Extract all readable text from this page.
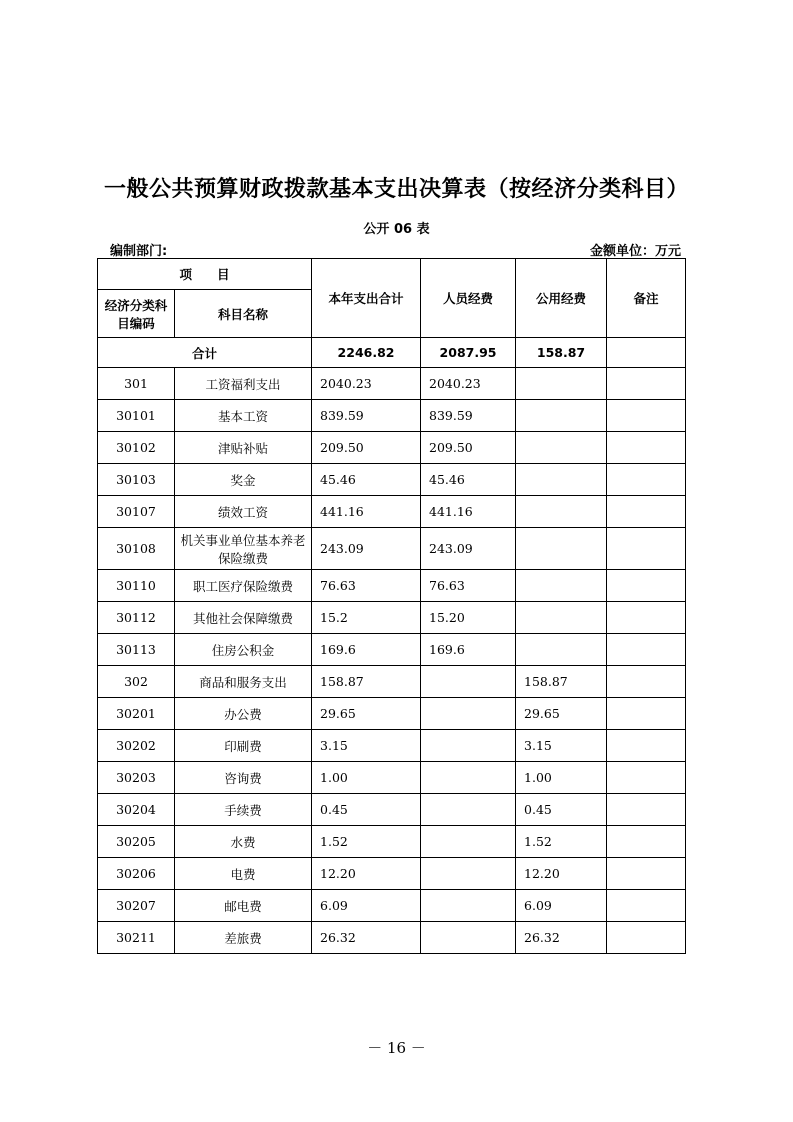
一般公共预算财政拨款基本支出决算表（按经济分类科目）
公开 06 表
编制部门:	金额单位：万元
项　　目		本年支出合计	人员经费	公用经费	备注
经济分类科目编码	科目名称				
合计		2246.82	2087.95	158.87	
301	工资福利支出	2040.23	2040.23		
30101	基本工资	839.59	839.59		
30102	津贴补贴	209.50	209.50		
30103	奖金	45.46	45.46		
30107	绩效工资	441.16	441.16		
30108	机关事业单位基本养老保险缴费	243.09	243.09		
30110	职工医疗保险缴费	76.63	76.63		
30112	其他社会保障缴费	15.2	15.20		
30113	住房公积金	169.6	169.6		
302	商品和服务支出	158.87		158.87	
30201	办公费	29.65		29.65	
30202	印刷费	3.15		3.15	
30203	咨询费	1.00		1.00	
30204	手续费	0.45		0.45	
30205	水费	1.52		1.52	
30206	电费	12.20		12.20	
30207	邮电费	6.09		6.09	
30211	差旅费	26.32		26.32	
－ 16 －
